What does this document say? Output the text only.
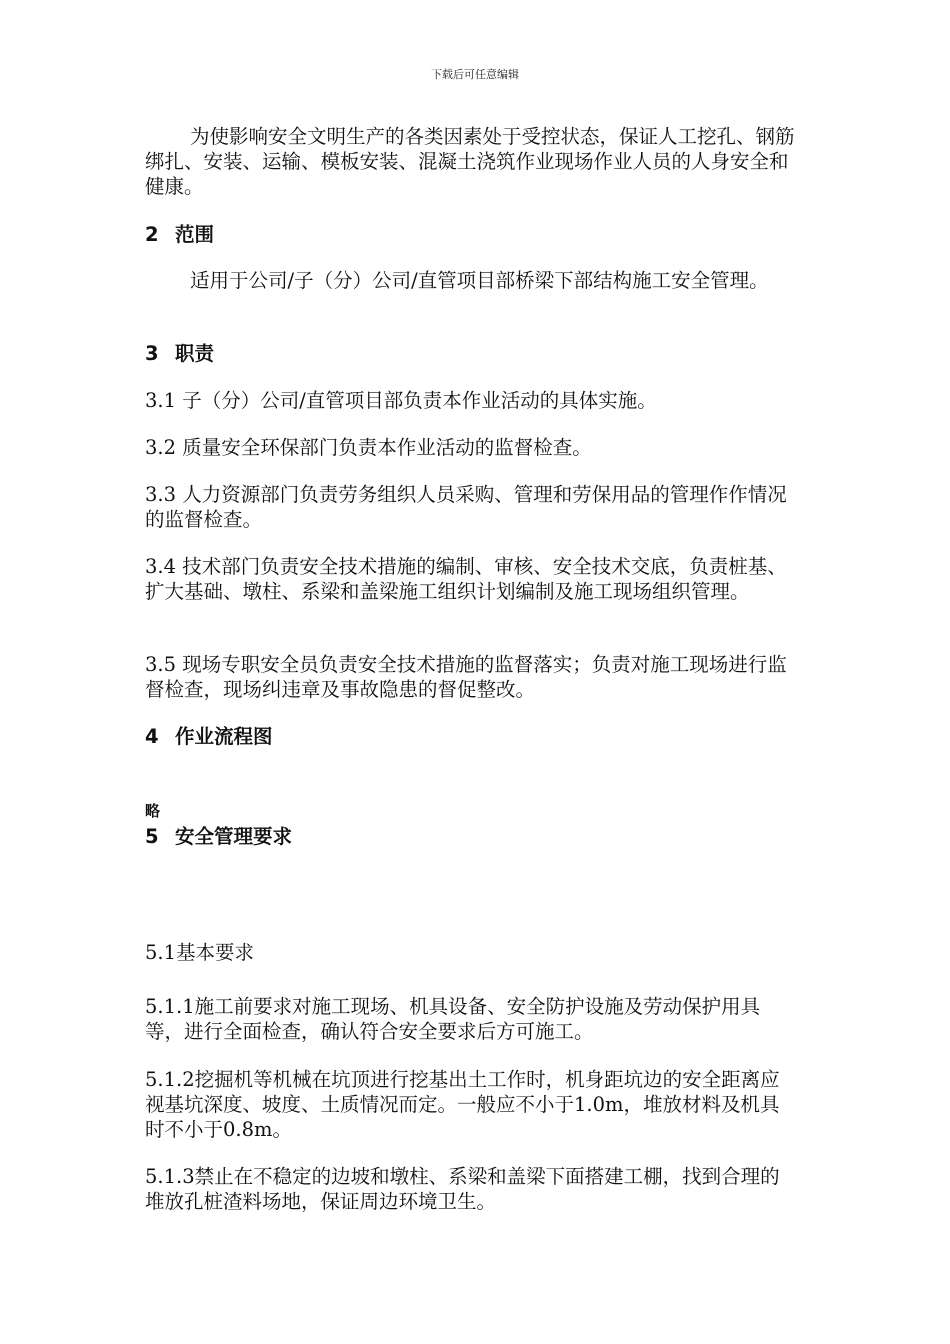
下载后可任意编辑

为使影响安全文明生产的各类因素处于受控状态，保证人工挖孔、钢筋绑扎、安装、运输、模板安装、混凝土浇筑作业现场作业人员的人身安全和健康。

2 范围

适用于公司/子（分）公司/直管项目部桥梁下部结构施工安全管理。

3 职责

3.1 子（分）公司/直管项目部负责本作业活动的具体实施。

3.2 质量安全环保部门负责本作业活动的监督检查。

3.3 人力资源部门负责劳务组织人员采购、管理和劳保用品的管理作作情况的监督检查。

3.4 技术部门负责安全技术措施的编制、审核、安全技术交底，负责桩基、扩大基础、墩柱、系梁和盖梁施工组织计划编制及施工现场组织管理。

3.5 现场专职安全员负责安全技术措施的监督落实；负责对施工现场进行监督检查，现场纠违章及事故隐患的督促整改。

4 作业流程图
略
5 安全管理要求

5.1基本要求

5.1.1施工前要求对施工现场、机具设备、安全防护设施及劳动保护用具等，进行全面检查，确认符合安全要求后方可施工。

5.1.2挖掘机等机械在坑顶进行挖基出土工作时，机身距坑边的安全距离应视基坑深度、坡度、土质情况而定。一般应不小于1.0m，堆放材料及机具时不小于0.8m。

5.1.3禁止在不稳定的边坡和墩柱、系梁和盖梁下面搭建工棚，找到合理的堆放孔桩渣料场地，保证周边环境卫生。
